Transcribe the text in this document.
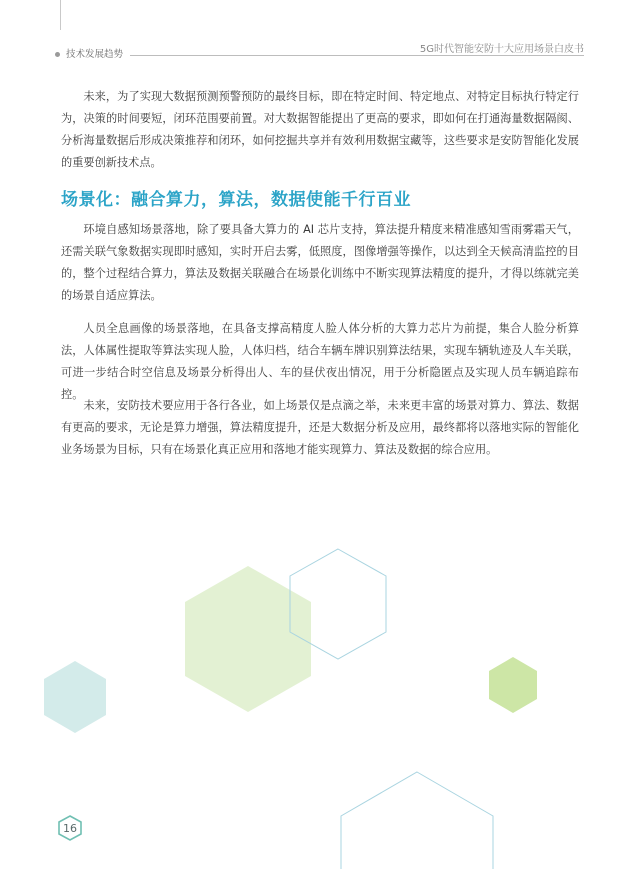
技术发展趋势	5G时代智能安防十大应用场景白皮书

未来，为了实现大数据预测预警预防的最终目标，即在特定时间、特定地点、对特定目标执行特定行为，决策的时间要短，闭环范围要前置。对大数据智能提出了更高的要求，即如何在打通海量数据隔阂、分析海量数据后形成决策推荐和闭环，如何挖掘共享并有效利用数据宝藏等，这些要求是安防智能化发展的重要创新技术点。

场景化：融合算力，算法，数据使能千行百业

环境自感知场景落地，除了要具备大算力的 AI 芯片支持，算法提升精度来精准感知雪雨雾霜天气，还需关联气象数据实现即时感知，实时开启去雾，低照度，图像增强等操作，以达到全天候高清监控的目的，整个过程结合算力，算法及数据关联融合在场景化训练中不断实现算法精度的提升，才得以练就完美的场景自适应算法。

人员全息画像的场景落地，在具备支撑高精度人脸人体分析的大算力芯片为前提，集合人脸分析算法，人体属性提取等算法实现人脸，人体归档，结合车辆车牌识别算法结果，实现车辆轨迹及人车关联，可进一步结合时空信息及场景分析得出人、车的昼伏夜出情况，用于分析隐匿点及实现人员车辆追踪布控。

未来，安防技术要应用于各行各业，如上场景仅是点滴之举，未来更丰富的场景对算力、算法、数据有更高的要求，无论是算力增强，算法精度提升，还是大数据分析及应用，最终都将以落地实际的智能化业务场景为目标，只有在场景化真正应用和落地才能实现算力、算法及数据的综合应用。

16
